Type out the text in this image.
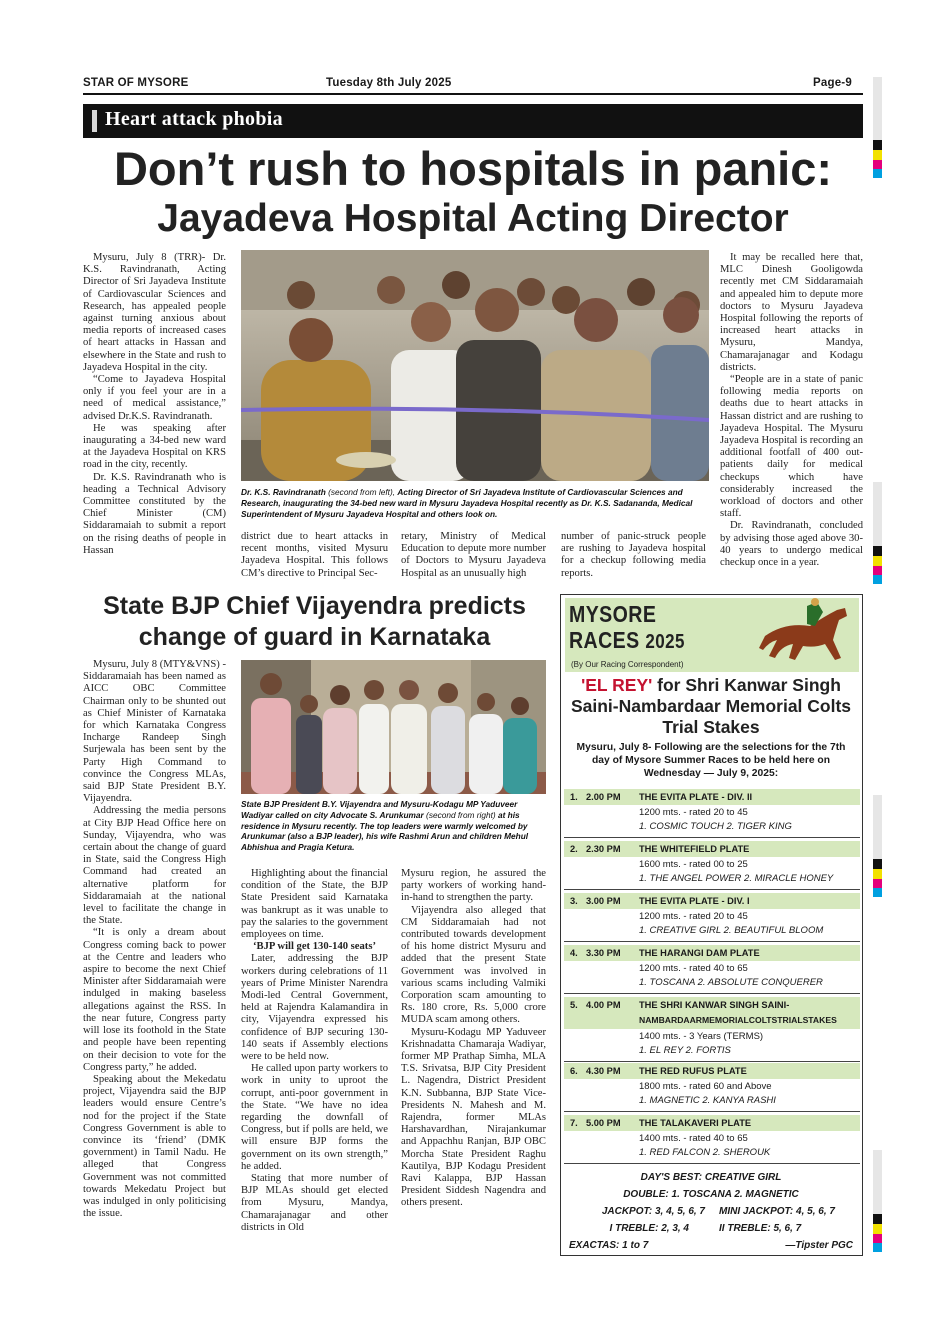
STAR OF MYSORE	Tuesday 8th July 2025	Page-9
Heart attack phobia
Don’t rush to hospitals in panic:
Jayadeva Hospital Acting Director

Mysuru, July 8 (TRR)- Dr. K.S. Ravindranath, Acting Director of Sri Jayadeva Institute of Cardiovascular Sciences and Research, has appealed people against turning anxious about media reports of increased cases of heart attacks in Hassan and elsewhere in the State and rush to Jayadeva Hospital in the city.

“Come to Jayadeva Hospital only if you feel your are in a need of medical assistance,” advised Dr.K.S. Ravindranath.

He was speaking after inaugurating a 34-bed new ward at the Jayadeva Hospital on KRS road in the city, recently.

Dr. K.S. Ravindranath who is heading a Technical Advisory Committee constituted by the Chief Minister (CM) Siddaramaiah to submit a report on the rising deaths of people in Hassan

Dr. K.S. Ravindranath (second from left), Acting Director of Sri Jayadeva Institute of Cardiovascular Sciences and Research, inaugurating the 34-bed new ward in Mysuru Jayadeva Hospital recently as Dr. K.S. Sadananda, Medical Superintendent of Mysuru Jayadeva Hospital and others look on.

district due to heart attacks in recent months, visited Mysuru Jayadeva Hospital. This follows CM’s directive to Principal Sec-

retary, Ministry of Medical Education to depute more number of Doctors to Mysuru Jayadeva Hospital as an unusually high

number of panic-struck people are rushing to Jayadeva hospital for a checkup following media reports.

It may be recalled here that, MLC Dinesh Gooligowda recently met CM Siddaramaiah and appealed him to depute more doctors to Mysuru Jayadeva Hospital following the reports of increased heart attacks in Mysuru, Mandya, Chamarajanagar and Kodagu districts.

“People are in a state of panic following media reports on deaths due to heart attacks in Hassan district and are rushing to Jayadeva Hospital. The Mysuru Jayadeva Hospital is recording an additional footfall of 400 out-patients daily for medical checkups which have considerably increased the workload of doctors and other staff.

Dr. Ravindranath, concluded by advising those aged above 30-40 years to undergo medical checkup once in a year.

State BJP Chief Vijayendra predicts change of guard in Karnataka

Mysuru, July 8 (MTY&VNS) - Siddaramaiah has been named as AICC OBC Committee Chairman only to be shunted out as Chief Minister of Karnataka for which Karnataka Congress Incharge Randeep Singh Surjewala has been sent by the Party High Command to convince the Congress MLAs, said BJP State President B.Y. Vijayendra.

Addressing the media persons at City BJP Head Office here on Sunday, Vijayendra, who was certain about the change of guard in State, said the Congress High Command had created an alternative platform for Siddaramaiah at the national level to facilitate the change in the State.

“It is only a dream about Congress coming back to power at the Centre and leaders who aspire to become the next Chief Minister after Siddaramaiah were indulged in making baseless allegations against the RSS. In the near future, Congress party will lose its foothold in the State and people have been repenting on their decision to vote for the Congress party,” he added.

Speaking about the Mekedatu project, Vijayendra said the BJP leaders would ensure Centre’s nod for the project if the State Congress Government is able to convince its ‘friend’ (DMK government) in Tamil Nadu. He alleged that Congress Government was not committed towards Mekedatu Project but was indulged in only politicising the issue.

State BJP President B.Y. Vijayendra and Mysuru-Kodagu MP Yaduveer Wadiyar called on city Advocate S. Arunkumar (second from right) at his residence in Mysuru recently. The top leaders were warmly welcomed by Arunkumar (also a BJP leader), his wife Rashmi Arun and children Mehul Abhishua and Pragia Ketura.

Highlighting about the financial condition of the State, the BJP State President said Karnataka was bankrupt as it was unable to pay the salaries to the government employees on time.

‘BJP will get 130-140 seats’

Later, addressing the BJP workers during celebrations of 11 years of Prime Minister Narendra Modi-led Central Government, held at Rajendra Kalamandira in city, Vijayendra expressed his confidence of BJP securing 130-140 seats if Assembly elections were to be held now.

He called upon party workers to work in unity to uproot the corrupt, anti-poor government in the State. “We have no idea regarding the downfall of Congress, but if polls are held, we will ensure BJP forms the government on its own strength,” he added.

Stating that more number of BJP MLAs should get elected from Mysuru, Mandya, Chamarajanagar and other districts in Old

Mysuru region, he assured the party workers of working hand-in-hand to strengthen the party.

Vijayendra also alleged that CM Siddaramaiah had not contributed towards development of his home district Mysuru and added that the present State Government was involved in various scams including Valmiki Corporation scam amounting to Rs. 180 crore, Rs. 5,000 crore MUDA scam among others.

Mysuru-Kodagu MP Yaduveer Krishnadatta Chamaraja Wadiyar, former MP Prathap Simha, MLA T.S. Srivatsa, BJP City President L. Nagendra, District President K.N. Subbanna, BJP State Vice-Presidents N. Mahesh and M. Rajendra, former MLAs Harshavardhan, Nirajankumar and Appachhu Ranjan, BJP OBC Morcha State President Raghu Kautilya, BJP Kodagu President Ravi Kalappa, BJP Hassan President Siddesh Nagendra and others present.

MYSORE
RACES 2025
(By Our Racing Correspondent)
'EL REY' for Shri Kanwar Singh Saini-Nambardaar Memorial Colts Trial Stakes
Mysuru, July 8- Following are the selections for the 7th day of Mysore Summer Races to be held here on Wednesday — July 9, 2025:
1. 2.00 PM THE EVITA PLATE - DIV. II
1200 mts. - rated 20 to 45
1. COSMIC TOUCH 2. TIGER KING
2. 2.30 PM THE WHITEFIELD PLATE
1600 mts. - rated 00 to 25
1. THE ANGEL POWER 2. MIRACLE HONEY
3. 3.00 PM THE EVITA PLATE - DIV. I
1200 mts. - rated 20 to 45
1. CREATIVE GIRL 2. BEAUTIFUL BLOOM
4. 3.30 PM THE HARANGI DAM PLATE
1200 mts. - rated 40 to 65
1. TOSCANA 2. ABSOLUTE CONQUERER
5. 4.00 PM THE SHRI KANWAR SINGH SAINI-
NAMBARDAARMEMORIALCOLTSTRIALSTAKES
1400 mts. - 3 Years (TERMS)
1. EL REY 2. FORTIS
6. 4.30 PM THE RED RUFUS PLATE
1800 mts. - rated 60 and Above
1. MAGNETIC 2. KANYA RASHI
7. 5.00 PM THE TALAKAVERI PLATE
1400 mts. - rated 40 to 65
1. RED FALCON 2. SHEROUK
DAY'S BEST: CREATIVE GIRL
DOUBLE: 1. TOSCANA 2. MAGNETIC
JACKPOT: 3, 4, 5, 6, 7	MINI JACKPOT: 4, 5, 6, 7
I TREBLE: 2, 3, 4	II TREBLE: 5, 6, 7
EXACTAS: 1 to 7	—Tipster PGC
